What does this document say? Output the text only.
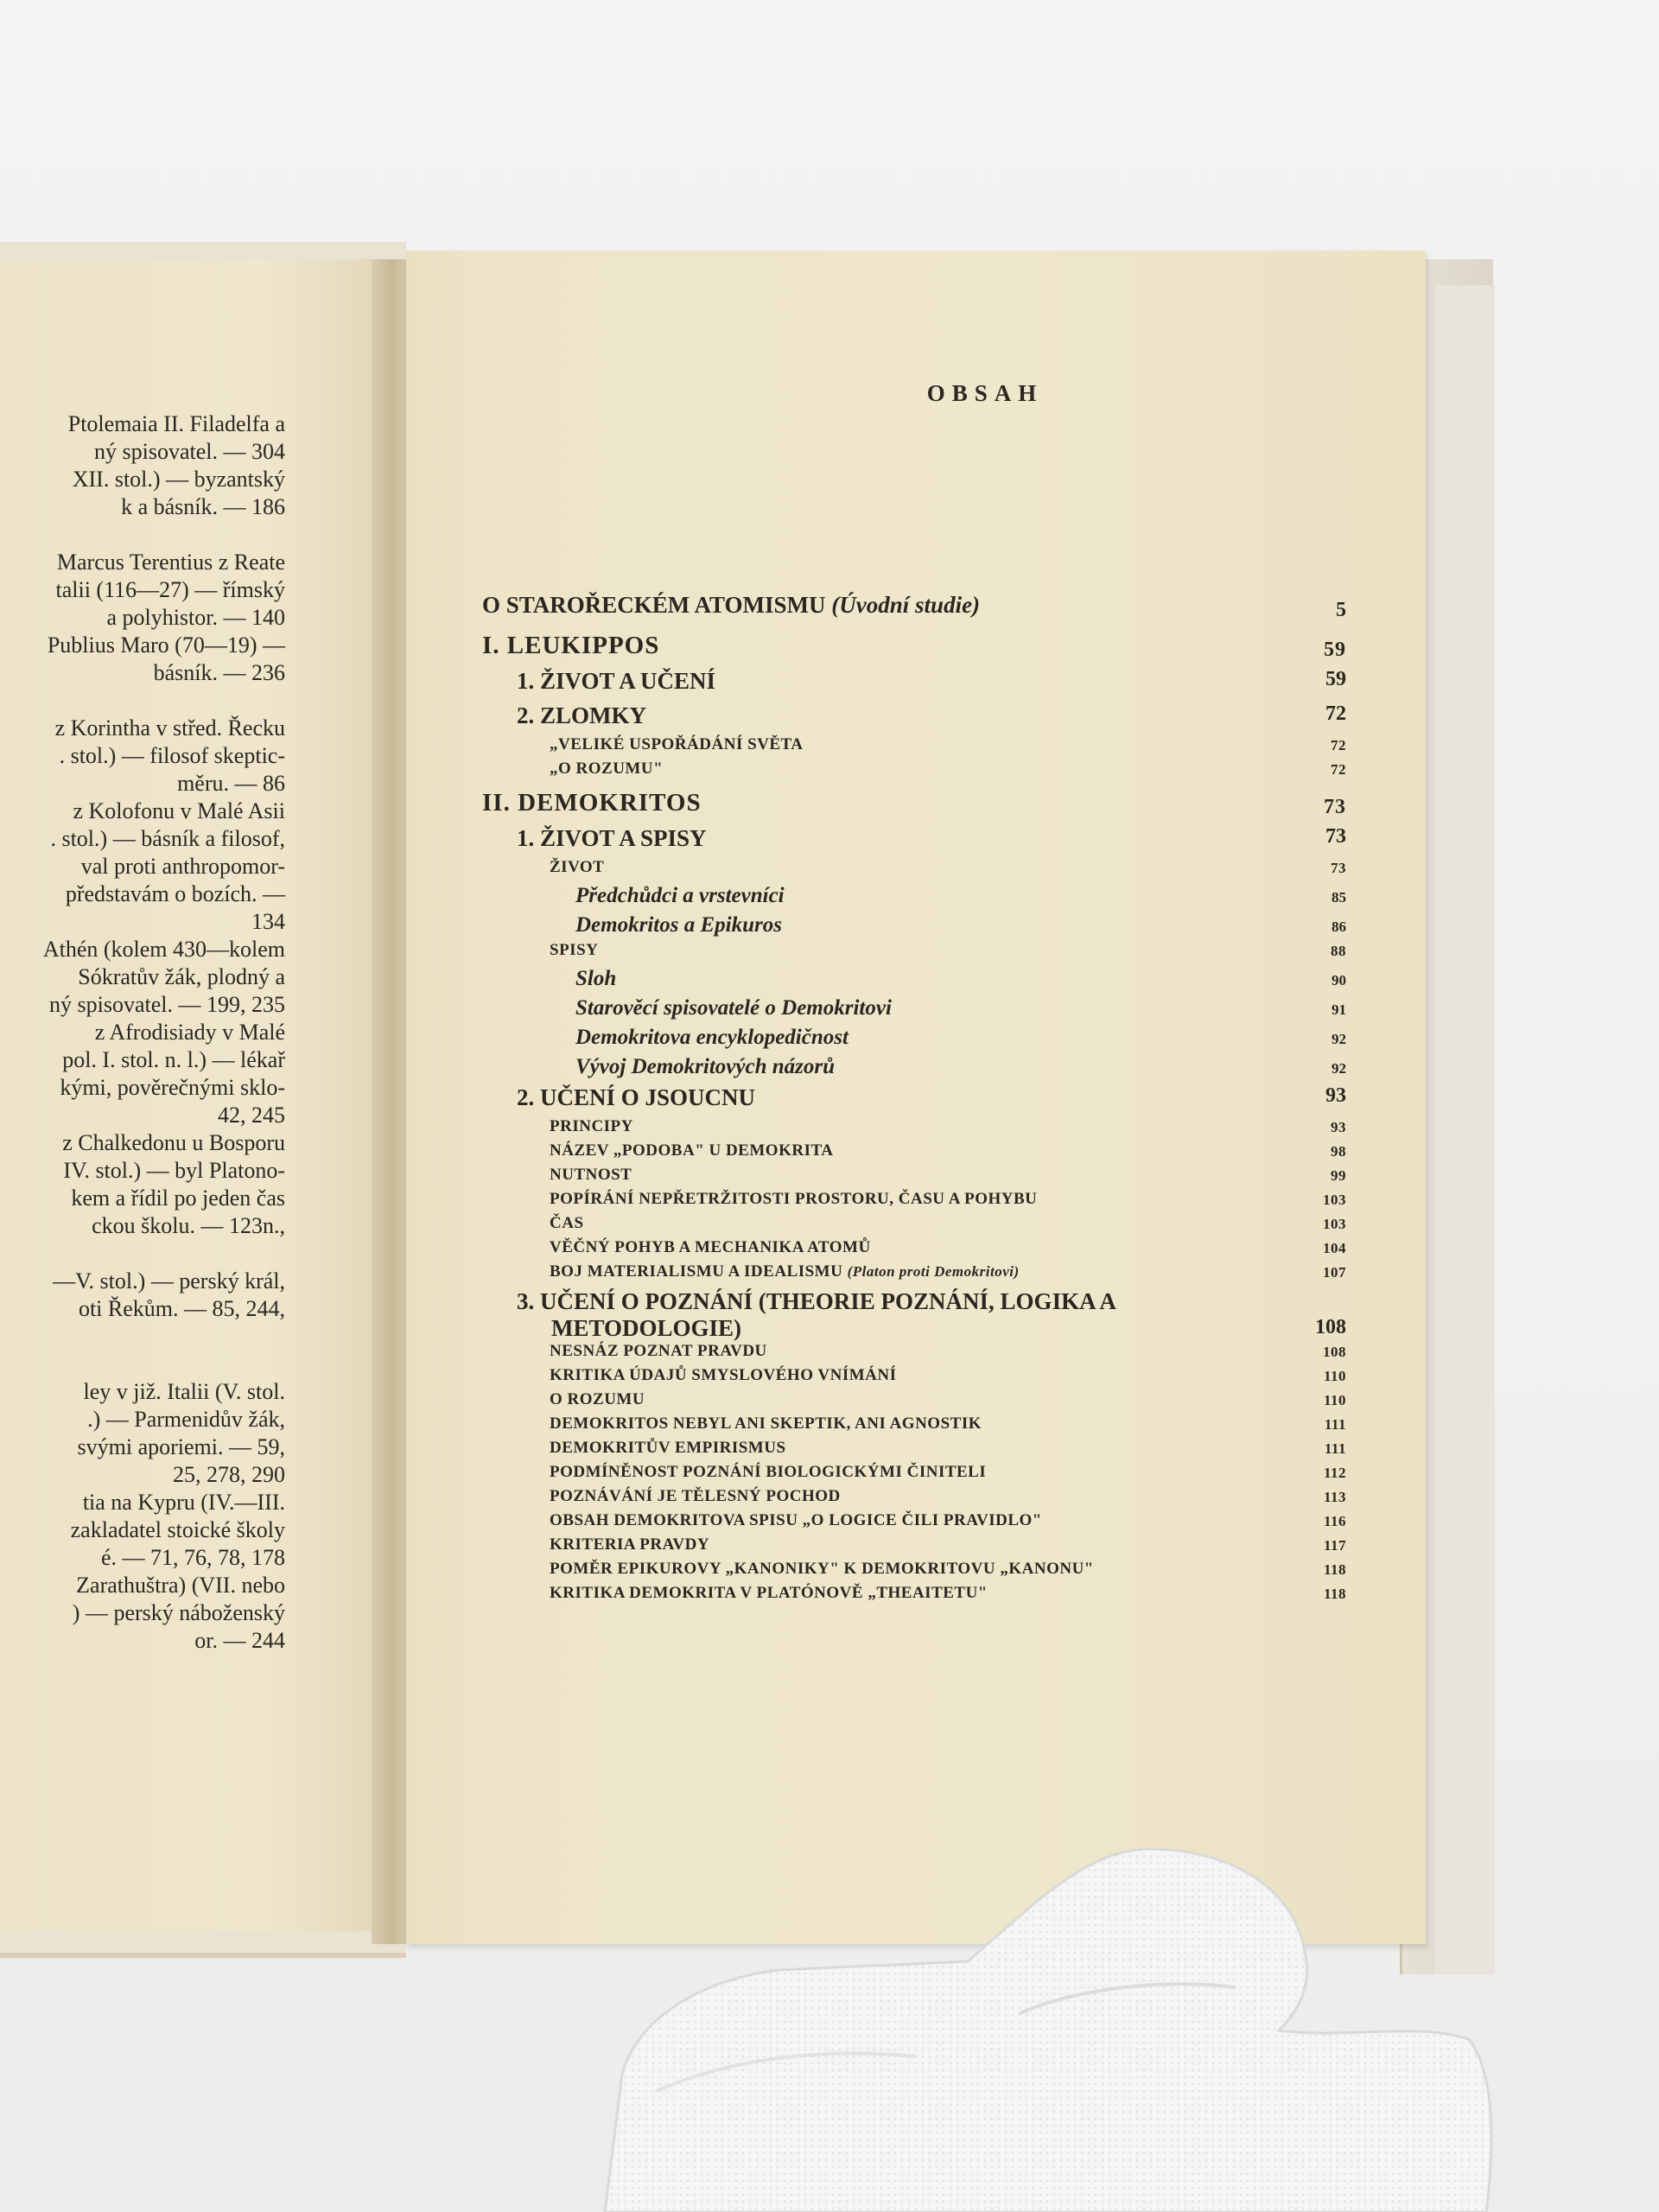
Ptolemaia II. Filadelfa a
ný spisovatel. — 304
XII. stol.) — byzantský
k a básník. — 186
Marcus Terentius z Reate
talii (116—27) — římský
a polyhistor. — 140
Publius Maro (70—19) —
básník. — 236
z Korintha v střed. Řecku
. stol.) — filosof skeptic-
měru. — 86
z Kolofonu v Malé Asii
. stol.) — básník a filosof,
val proti anthropomor-
představám o bozích. —
134
Athén (kolem 430—kolem
Sókratův žák, plodný a
ný spisovatel. — 199, 235
z Afrodisiady v Malé
pol. I. stol. n. l.) — lékař
kými, pověrečnými sklo-
42, 245
z Chalkedonu u Bosporu
IV. stol.) — byl Platono-
kem a řídil po jeden čas
ckou školu. — 123n.,
—V. stol.) — perský král,
oti Řekům. — 85, 244,
ley v již. Italii (V. stol.
.) — Parmenidův žák,
svými aporiemi. — 59,
25, 278, 290
tia na Kypru (IV.—III.
zakladatel stoické školy
é. — 71, 76, 78, 178
Zarathuštra) (VII. nebo
) — perský náboženský
or. — 244
OBSAH
O STAROŘECKÉM ATOMISMU (Úvodní studie)	5
I. LEUKIPPOS	59
1. ŽIVOT A UČENÍ	59
2. ZLOMKY	72
„VELIKÉ USPOŘÁDÁNÍ SVĚTA	72
„O ROZUMU"	72
II. DEMOKRITOS	73
1. ŽIVOT A SPISY	73
ŽIVOT	73
Předchůdci a vrstevníci	85
Demokritos a Epikuros	86
SPISY	88
Sloh	90
Starověcí spisovatelé o Demokritovi	91
Demokritova encyklopedičnost	92
Vývoj Demokritových názorů	92
2. UČENÍ O JSOUCNU	93
PRINCIPY	93
NÁZEV „PODOBA" U DEMOKRITA	98
NUTNOST	99
POPÍRÁNÍ NEPŘETRŽITOSTI PROSTORU, ČASU A POHYBU	103
ČAS	103
VĚČNÝ POHYB A MECHANIKA ATOMŮ	104
BOJ MATERIALISMU A IDEALISMU (Platon proti Demokritovi)	107
3. UČENÍ O POZNÁNÍ (THEORIE POZNÁNÍ, LOGIKA A
METODOLOGIE)	108
NESNÁZ POZNAT PRAVDU	108
KRITIKA ÚDAJŮ SMYSLOVÉHO VNÍMÁNÍ	110
O ROZUMU	110
DEMOKRITOS NEBYL ANI SKEPTIK, ANI AGNOSTIK	111
DEMOKRITŮV EMPIRISMUS	111
PODMÍNĚNOST POZNÁNÍ BIOLOGICKÝMI ČINITELI	112
POZNÁVÁNÍ JE TĚLESNÝ POCHOD	113
OBSAH DEMOKRITOVA SPISU „O LOGICE ČILI PRAVIDLO"	116
KRITERIA PRAVDY	117
POMĚR EPIKUROVY „KANONIKY" K DEMOKRITOVU „KANONU"	118
KRITIKA DEMOKRITA V PLATÓNOVĚ „THEAITETU"	118
